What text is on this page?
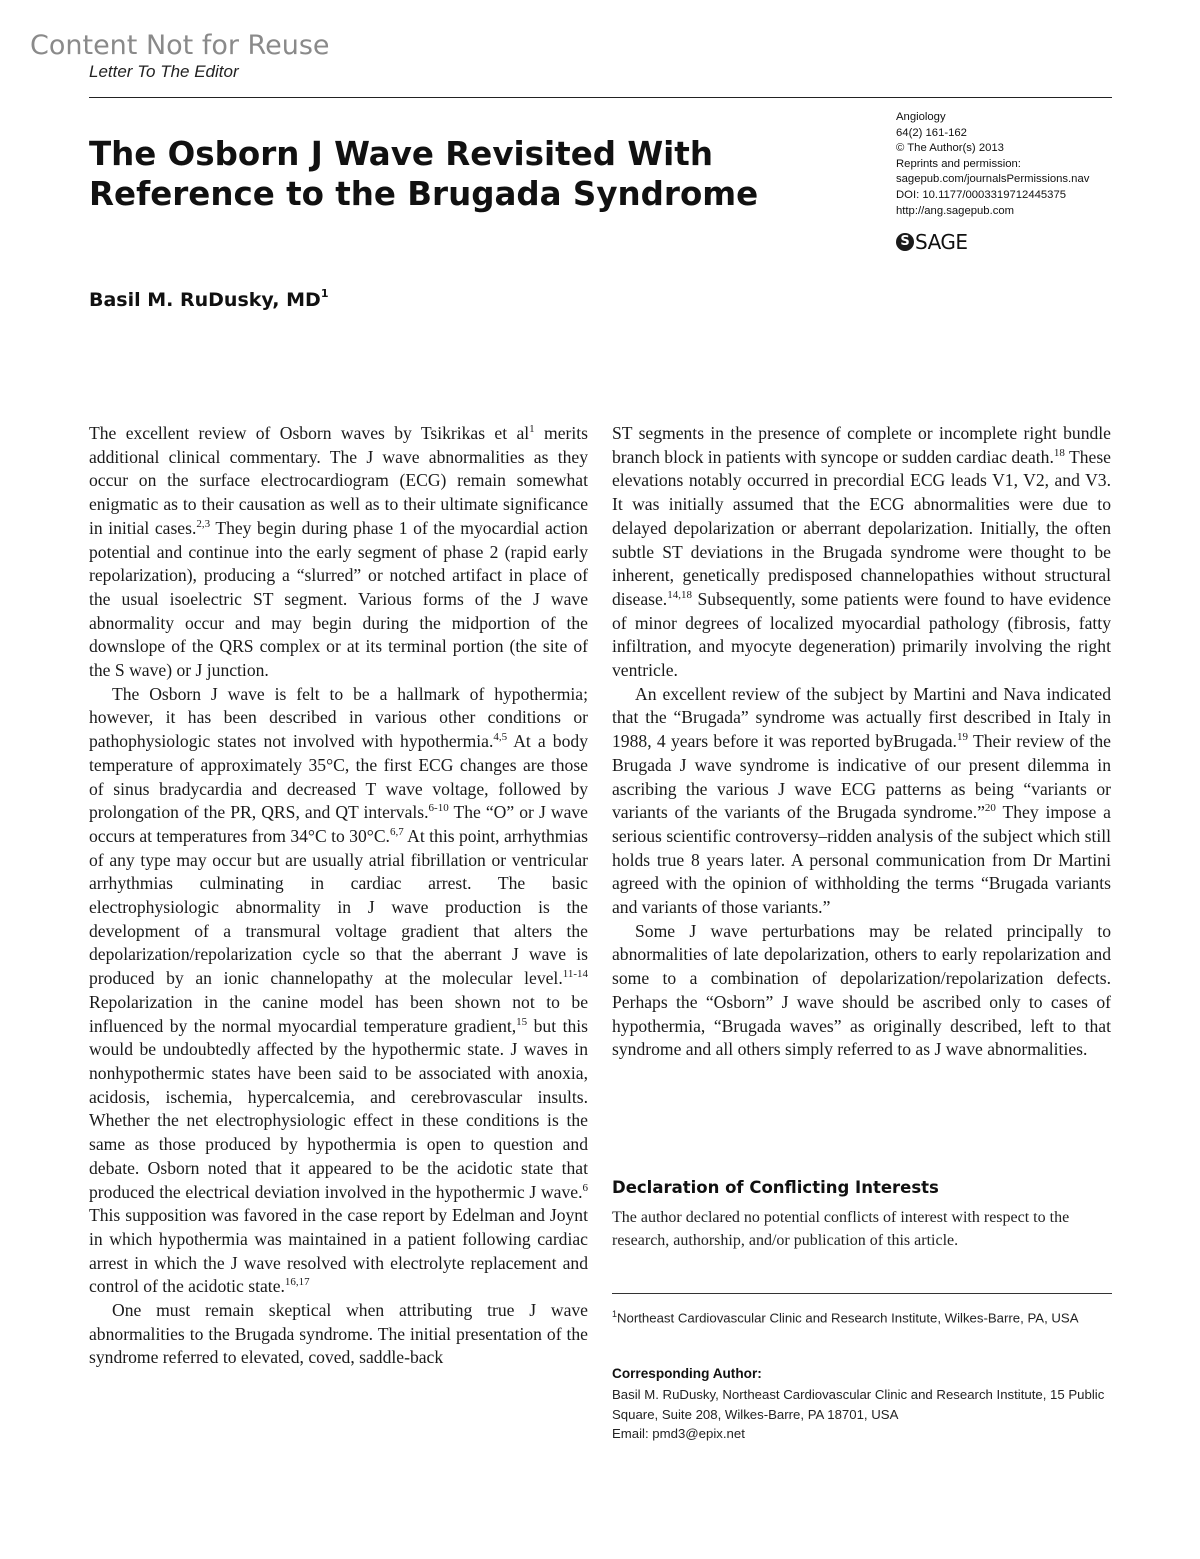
Content Not for Reuse
Letter To The Editor
The Osborn J Wave Revisited With
Reference to the Brugada Syndrome
Angiology
64(2) 161-162
© The Author(s) 2013
Reprints and permission:
sagepub.com/journalsPermissions.nav
DOI: 10.1177/0003319712445375
http://ang.sagepub.com
S SAGE
Basil M. RuDusky, $MD^1$

The excellent review of Osborn waves by Tsikrikas et $al^1$ merits additional clinical commentary. The J wave abnormalities as they occur on the surface electrocardiogram (ECG) remain somewhat enigmatic as to their causation as well as to their ultimate significance in initial cases.$^{2,3}$ They begin during phase 1 of the myocardial action potential and continue into the early segment of phase 2 (rapid early repolarization), producing a “slurred” or notched artifact in place of the usual isoelectric ST segment. Various forms of the J wave abnormality occur and may begin during the midportion of the downslope of the QRS complex or at its terminal portion (the site of the S wave) or J junction.

The Osborn J wave is felt to be a hallmark of hypothermia; however, it has been described in various other conditions or pathophysiologic states not involved with hypothermia.$^{4,5}$ At a body temperature of approximately 35°C, the first ECG changes are those of sinus bradycardia and decreased T wave voltage, followed by prolongation of the PR, QRS, and QT intervals.$^{6-10}$ The “O” or J wave occurs at temperatures from 34°C to 30°C.$^{6,7}$ At this point, arrhythmias of any type may occur but are usually atrial fibrillation or ventricular arrhythmias culminating in cardiac arrest. The basic electrophysiologic abnormality in J wave production is the development of a transmural voltage gradient that alters the depolarization/repolarization cycle so that the aberrant J wave is produced by an ionic channelopathy at the molecular level.$^{11-14}$ Repolarization in the canine model has been shown not to be influenced by the normal myocardial temperature gradient,$^{15}$ but this would be undoubtedly affected by the hypothermic state. J waves in nonhypothermic states have been said to be associated with anoxia, acidosis, ischemia, hypercalcemia, and cerebrovascular insults. Whether the net electrophysiologic effect in these conditions is the same as those produced by hypothermia is open to question and debate. Osborn noted that it appeared to be the acidotic state that produced the electrical deviation involved in the hypothermic J wave.$^6$ This supposition was favored in the case report by Edelman and Joynt in which hypothermia was maintained in a patient following cardiac arrest in which the J wave resolved with electrolyte replacement and control of the acidotic state.$^{16,17}$

One must remain skeptical when attributing true J wave abnormalities to the Brugada syndrome. The initial presentation of the syndrome referred to elevated, coved, saddle-back

ST segments in the presence of complete or incomplete right bundle branch block in patients with syncope or sudden cardiac death.$^{18}$ These elevations notably occurred in precordial ECG leads V1, V2, and V3. It was initially assumed that the ECG abnormalities were due to delayed depolarization or aberrant depolarization. Initially, the often subtle ST deviations in the Brugada syndrome were thought to be inherent, genetically predisposed channelopathies without structural disease.$^{14,18}$ Subsequently, some patients were found to have evidence of minor degrees of localized myocardial pathology (fibrosis, fatty infiltration, and myocyte degeneration) primarily involving the right ventricle.

An excellent review of the subject by Martini and Nava indicated that the “Brugada” syndrome was actually first described in Italy in 1988, 4 years before it was reported byBrugada.$^{19}$ Their review of the Brugada J wave syndrome is indicative of our present dilemma in ascribing the various J wave ECG patterns as being “variants or variants of the variants of the Brugada syndrome.”$^{20}$ They impose a serious scientific controversy–ridden analysis of the subject which still holds true 8 years later. A personal communication from Dr Martini agreed with the opinion of withholding the terms “Brugada variants and variants of those variants.”

Some J wave perturbations may be related principally to abnormalities of late depolarization, others to early repolarization and some to a combination of depolarization/repolarization defects. Perhaps the “Osborn” J wave should be ascribed only to cases of hypothermia, “Brugada waves” as originally described, left to that syndrome and all others simply referred to as J wave abnormalities.

Declaration of Conflicting Interests

The author declared no potential conflicts of interest with respect to the research, authorship, and/or publication of this article.

$^1$Northeast Cardiovascular Clinic and Research Institute, Wilkes-Barre, PA, USA

Corresponding Author:

Basil M. RuDusky, Northeast Cardiovascular Clinic and Research Institute, 15 Public Square, Suite 208, Wilkes-Barre, PA 18701, USA
Email: pmd3@epix.net
